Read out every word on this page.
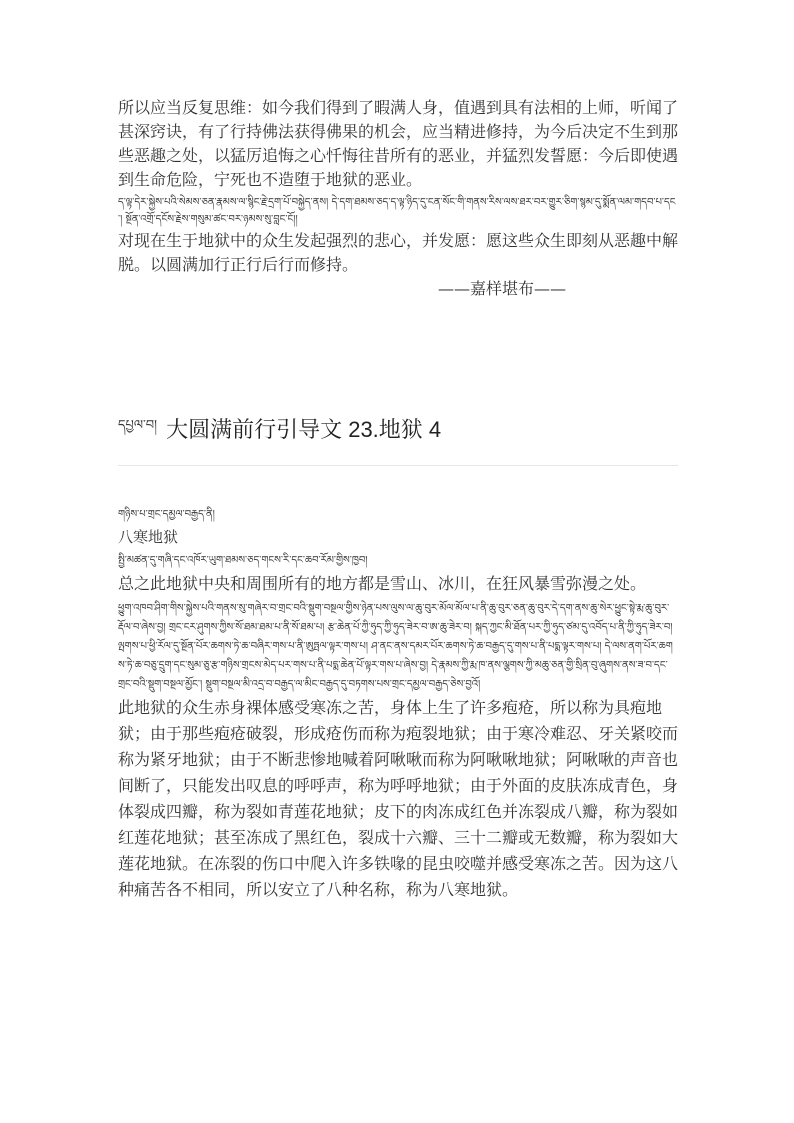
所以应当反复思维：如今我们得到了暇满人身，值遇到具有法相的上师，听闻了甚深窍诀，有了行持佛法获得佛果的机会，应当精进修持，为今后决定不生到那些恶趣之处，以猛厉追悔之心忏悔往昔所有的恶业，并猛烈发誓愿：今后即使遇到生命危险，宁死也不造堕于地狱的恶业。

ད་ལྟ་དེར་སྐྱེས་པའི་སེམས་ཅན་རྣམས་ལ་སྙིང་རྗེ་དྲག་པོ་བསྐྱེད་ནས། དེ་དག་ཐམས་ཅད་ད་ལྟ་ཉིད་དུ་ངན་སོང་གི་གནས་རིས་ལས་ཐར་བར་གྱུར་ཅིག་སྙམ་དུ་སྨོན་ལམ་གདབ་པ་དང་། སྔོན་འགྲོ་དངོས་རྗེས་གསུམ་ཚང་བར་ཉམས་སུ་བླང་ངོ།།

对现在生于地狱中的众生发起强烈的悲心，并发愿：愿这些众生即刻从恶趣中解脱。以圆满加行正行后行而修持。

——嘉样堪布——

དཔྱལ་བ། 大圆满前行引导文 23.地狱 4

གཉིས་པ་གྲང་དམྱལ་བརྒྱད་ནི།

八寒地狱

སྤྱི་མཚན་དུ་གཞི་དང་འཁོར་ཡུག་ཐམས་ཅད་གངས་རི་དང་ཆབ་རོམ་གྱིས་ཁྱབ།

总之此地狱中央和周围所有的地方都是雪山、冰川，在狂风暴雪弥漫之处。

ཕྱུག་འཁབ་ཤིག་གིས་སྐྱེས་པའི་གནས་སུ་གཞེར་བ་གྲང་བའི་སྡུག་བསྔལ་གྱིས་ཉེན་པས་ལུས་ལ་ཆུ་བུར་མོལ་མོལ་པ་ནི་ཆུ་བུར་ཅན་ཆུ་བུར་དེ་དག་ནས་ཆུ་སེར་ཕྱུང་སྟེ་རྨ་ཆུ་བུར་རྡོལ་བ་ཞེས་བྱ། གྲང་ངར་ཤུགས་ཀྱིས་སོ་ཐམ་ཐམ་པ་ནི་སོ་ཐམ་པ། རྩ་ཆེན་པོ་ཀྱི་ཧུད་ཀྱི་ཧུད་ཟེར་བ་ཨ་ཆུ་ཟེར་བ། སྐད་ཀྱང་མི་ཐོན་པར་ཀྱི་ཧུད་ཙམ་དུ་འབོད་པ་ནི་ཀྱི་ཧུད་ཟེར་བ། ལྤགས་པ་ཕྱི་རོལ་དུ་སྔོན་པོར་ཆགས་ཏེ་ཆ་བཞིར་གས་པ་ནི་ཨུཏྤལ་ལྟར་གས་པ། ཤ་ནང་ནས་དམར་པོར་ཆགས་ཏེ་ཆ་བརྒྱད་དུ་གས་པ་ནི་པདྨ་ལྟར་གས་པ། དེ་ལས་ནག་པོར་ཆགས་ཏེ་ཆ་བཅུ་དྲུག་དང་སུམ་ཅུ་རྩ་གཉིས་གྲངས་མེད་པར་གས་པ་ནི་པདྨ་ཆེན་པོ་ལྟར་གས་པ་ཞེས་བྱ། དེ་རྣམས་ཀྱི་རྨ་ཁ་ནས་ལྕགས་ཀྱི་མཆུ་ཅན་གྱི་སྲིན་བུ་ཞུགས་ནས་ཟ་བ་དང་གྲང་བའི་སྡུག་བསྔལ་མྱོང་། སྡུག་བསྔལ་མི་འདྲ་བ་བརྒྱད་ལ་མིང་བརྒྱད་དུ་བཏགས་པས་གྲང་དམྱལ་བརྒྱད་ཅེས་བྱའོ།

此地狱的众生赤身裸体感受寒冻之苦，身体上生了许多疱疮，所以称为具疱地狱；由于那些疱疮破裂，形成疮伤而称为疱裂地狱；由于寒冷难忍、牙关紧咬而称为紧牙地狱；由于不断悲惨地喊着阿啾啾而称为阿啾啾地狱；阿啾啾的声音也间断了，只能发出叹息的呼呼声，称为呼呼地狱；由于外面的皮肤冻成青色，身体裂成四瓣，称为裂如青莲花地狱；皮下的肉冻成红色并冻裂成八瓣，称为裂如红莲花地狱；甚至冻成了黑红色，裂成十六瓣、三十二瓣或无数瓣，称为裂如大莲花地狱。在冻裂的伤口中爬入许多铁喙的昆虫咬噬并感受寒冻之苦。因为这八种痛苦各不相同，所以安立了八种名称，称为八寒地狱。
